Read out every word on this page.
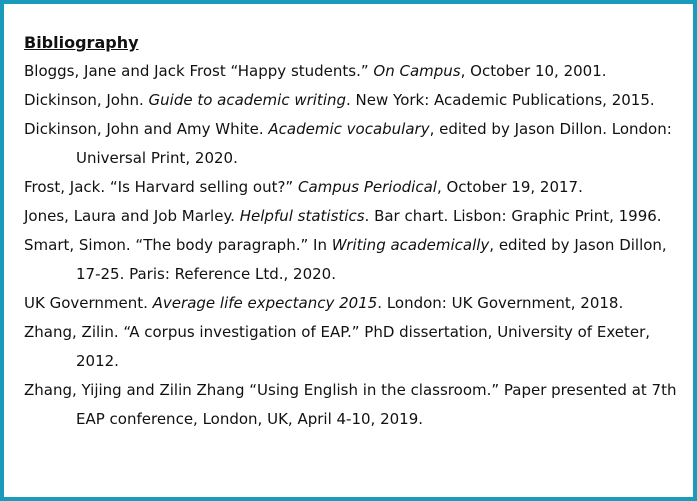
Bibliography

Bloggs, Jane and Jack Frost “Happy students.” On Campus, October 10, 2001.

Dickinson, John. Guide to academic writing. New York: Academic Publications, 2015.

Dickinson, John and Amy White. Academic vocabulary, edited by Jason Dillon. London: Universal Print, 2020.

Frost, Jack. “Is Harvard selling out?” Campus Periodical, October 19, 2017.

Jones, Laura and Job Marley. Helpful statistics. Bar chart. Lisbon: Graphic Print, 1996.

Smart, Simon. “The body paragraph.” In Writing academically, edited by Jason Dillon, 17-25. Paris: Reference Ltd., 2020.

UK Government. Average life expectancy 2015. London: UK Government, 2018.

Zhang, Zilin. “A corpus investigation of EAP.” PhD dissertation, University of Exeter, 2012.

Zhang, Yijing and Zilin Zhang “Using English in the classroom.” Paper presented at 7th EAP conference, London, UK, April 4-10, 2019.
